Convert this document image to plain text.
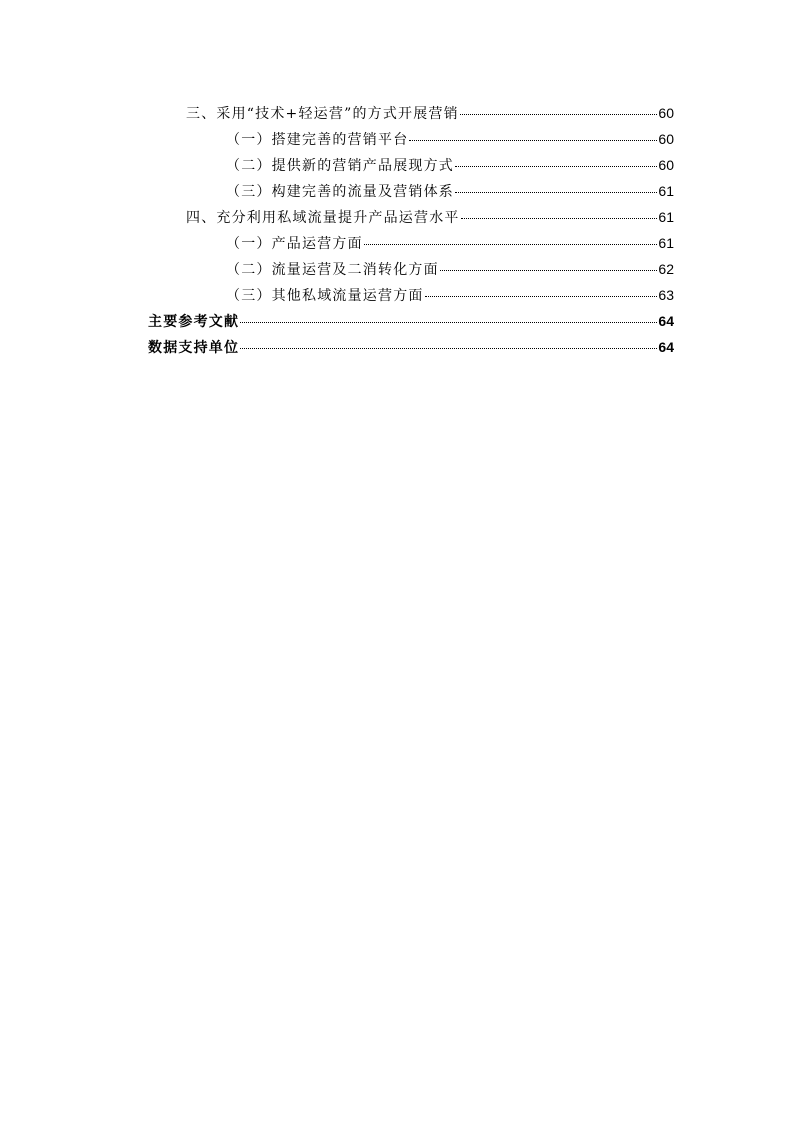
三、采用“技术+轻运营”的方式开展营销	60
（一）搭建完善的营销平台	60
（二）提供新的营销产品展现方式	60
（三）构建完善的流量及营销体系	61
四、充分利用私域流量提升产品运营水平	61
（一）产品运营方面	61
（二）流量运营及二消转化方面	62
（三）其他私域流量运营方面	63
主要参考文献	64
数据支持单位	64
